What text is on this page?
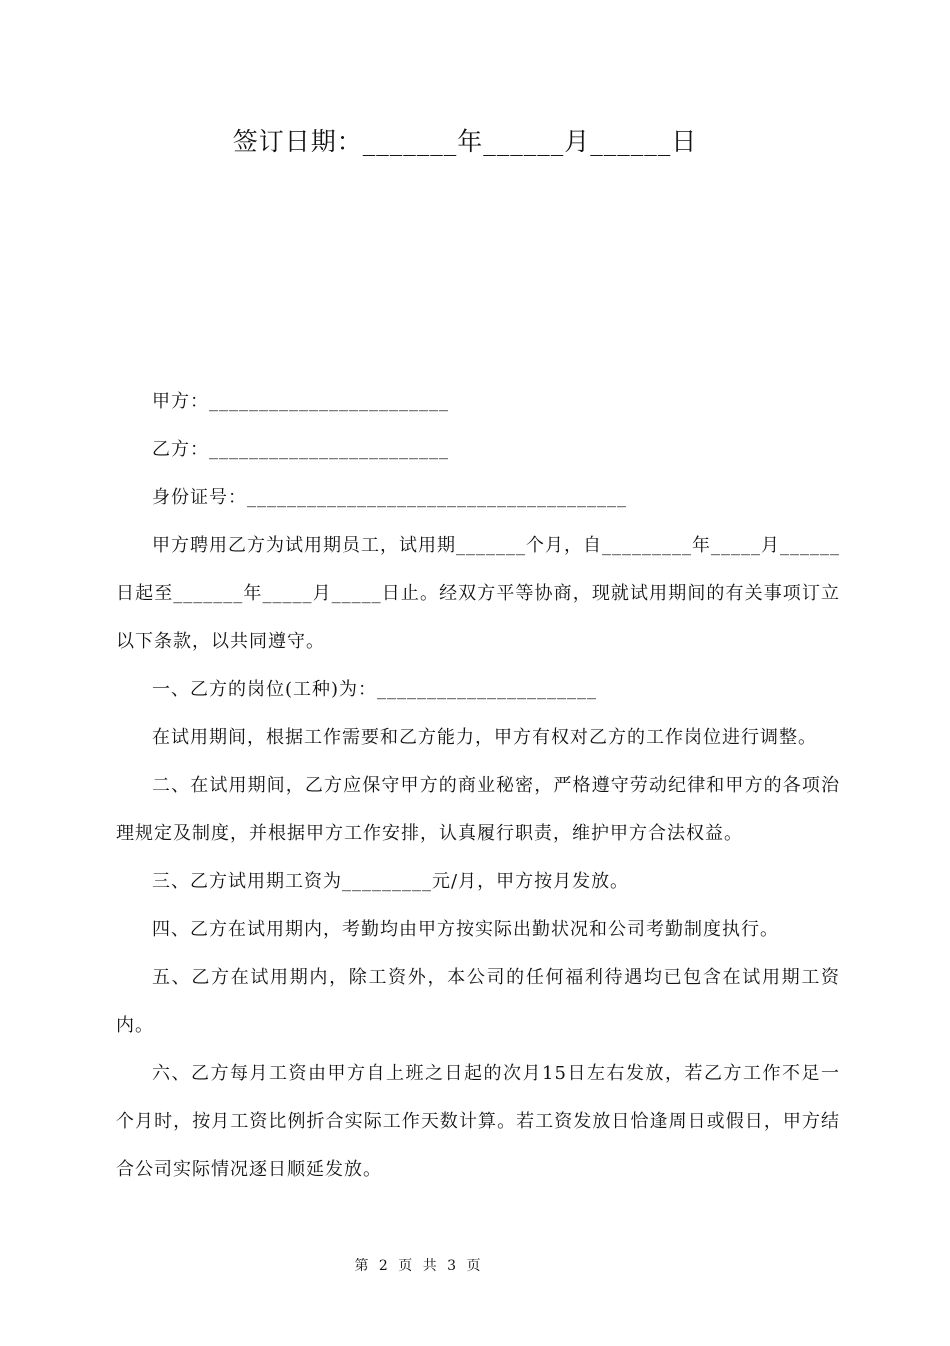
签订日期：_______年______月______日

甲方：________________________

乙方：________________________

身份证号：______________________________________

甲方聘用乙方为试用期员工，试用期_______个月，自_________年_____月______日起至_______年_____月_____日止。经双方平等协商，现就试用期间的有关事项订立以下条款，以共同遵守。

一、乙方的岗位(工种)为：______________________

在试用期间，根据工作需要和乙方能力，甲方有权对乙方的工作岗位进行调整。

二、在试用期间，乙方应保守甲方的商业秘密，严格遵守劳动纪律和甲方的各项治理规定及制度，并根据甲方工作安排，认真履行职责，维护甲方合法权益。

三、乙方试用期工资为_________元/月，甲方按月发放。

四、乙方在试用期内，考勤均由甲方按实际出勤状况和公司考勤制度执行。

五、乙方在试用期内，除工资外，本公司的任何福利待遇均已包含在试用期工资内。

六、乙方每月工资由甲方自上班之日起的次月15日左右发放，若乙方工作不足一个月时，按月工资比例折合实际工作天数计算。若工资发放日恰逢周日或假日，甲方结合公司实际情况逐日顺延发放。

第 2 页 共 3 页
